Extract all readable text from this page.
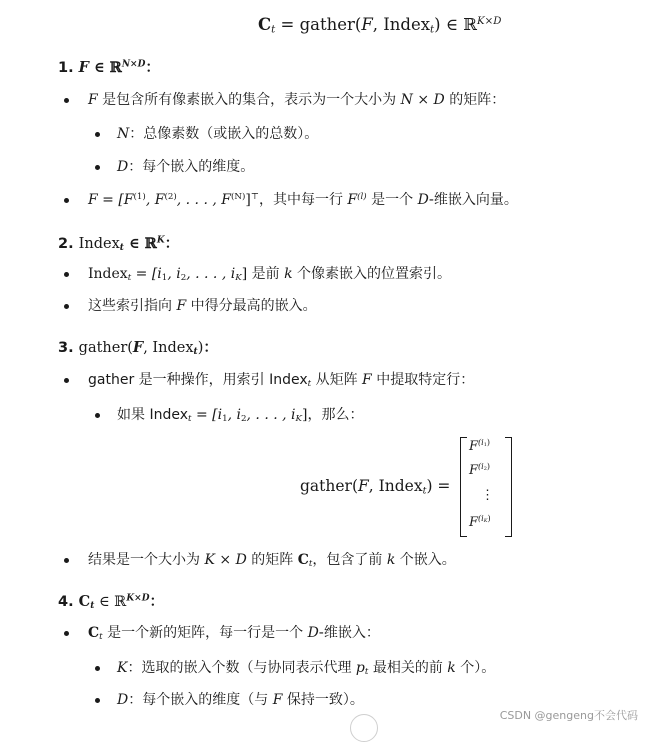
$C_t$ = gather(F, Index$_t$) ∈ ℝ$^{K\times D}$
1. F ∈ ℝ$^{N\times D}$：
F 是包含所有像素嵌入的集合，表示为一个大小为 N × D 的矩阵：
N：总像素数（或嵌入的总数）。
D：每个嵌入的维度。
$F = [F^{(1)}$, $F^{(2)}$, . . . , $F^{(N)}]^⊤$，其中每一行 $F^{(l)}$ 是一个 D-维嵌入向量。
2. Index$_t$ ∈ ℝ$^K$：
Index$_t$ = [$i_1$, $i_2$, . . . , $i_K$] 是前 k 个像素嵌入的位置索引。
这些索引指向 F 中得分最高的嵌入。
3. gather(F, Index$_t$)：
gather 是一种操作，用索引 Index$_t$ 从矩阵 F 中提取特定行：
如果 Index$_t$ = [$i_1$, $i_2$, . . . , $i_K$]，那么：
gather(F, Index$_t$) =
$F^{(i_1)}$
$F^{(i_2)}$
⋮
$F^{(i_K)}$
结果是一个大小为 K × D 的矩阵 $C_t$，包含了前 k 个嵌入。
4. $C_t$ ∈ ℝ$^{K\times D}$：
$C_t$ 是一个新的矩阵，每一行是一个 D-维嵌入：
K：选取的嵌入个数（与协同表示代理 $p_t$ 最相关的前 k 个）。
D：每个嵌入的维度（与 F 保持一致）。
CSDN @gengeng不会代码
